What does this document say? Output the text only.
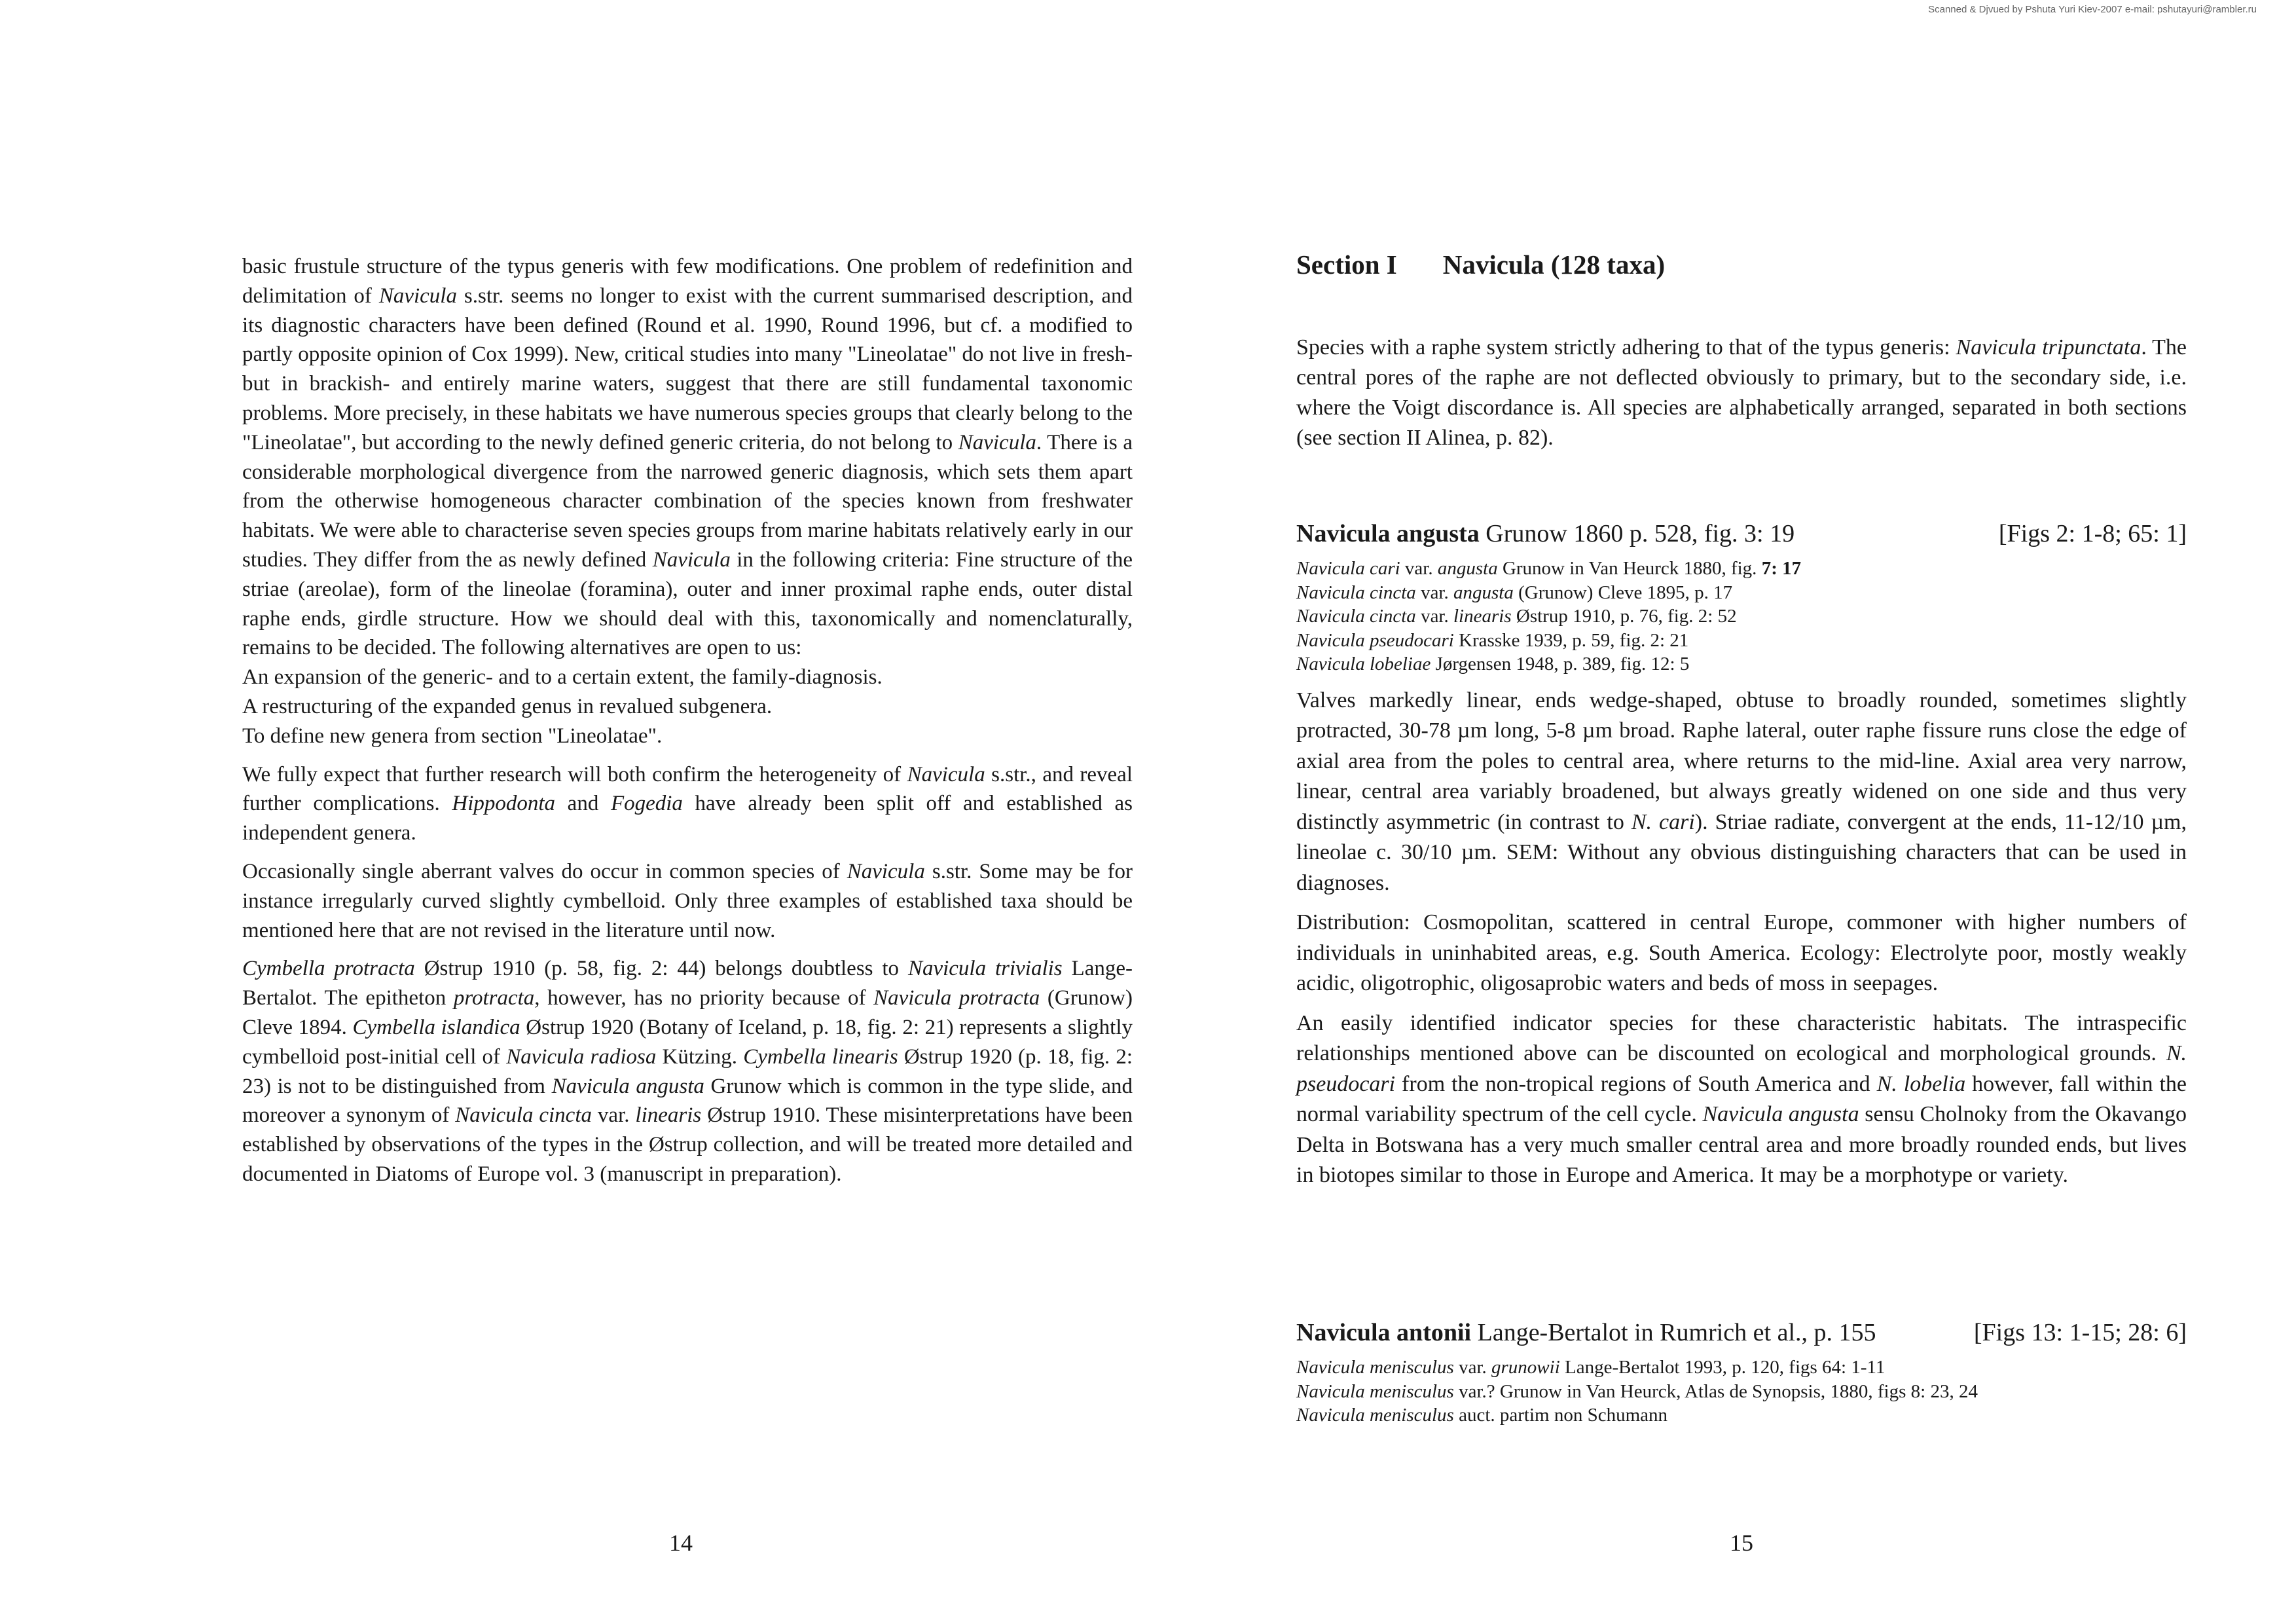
Scanned & Djvued by Pshuta Yuri Kiev-2007 e-mail: pshutayuri@rambler.ru

basic frustule structure of the typus generis with few modifications. One problem of redefinition and delimitation of Navicula s.str. seems no longer to exist with the current summarised description, and its diagnostic characters have been defined (Round et al. 1990, Round 1996, but cf. a modified to partly opposite opinion of Cox 1999). New, critical studies into many "Lineolatae" do not live in fresh- but in brackish- and entirely marine waters, suggest that there are still fundamental taxonomic problems. More precisely, in these habitats we have numerous species groups that clearly belong to the "Lineolatae", but according to the newly defined generic criteria, do not belong to Navicula. There is a considerable morphological divergence from the narrowed generic diagnosis, which sets them apart from the otherwise homogeneous character combination of the species known from freshwater habitats. We were able to characterise seven species groups from marine habitats relatively early in our studies. They differ from the as newly defined Navicula in the following criteria: Fine structure of the striae (areolae), form of the lineolae (foramina), outer and inner proximal raphe ends, outer distal raphe ends, girdle structure. How we should deal with this, taxonomically and nomenclaturally, remains to be decided. The following alternatives are open to us:

An expansion of the generic- and to a certain extent, the family-diagnosis.
A restructuring of the expanded genus in revalued subgenera.
To define new genera from section "Lineolatae".

We fully expect that further research will both confirm the heterogeneity of Navicula s.str., and reveal further complications. Hippodonta and Fogedia have already been split off and established as independent genera.

Occasionally single aberrant valves do occur in common species of Navicula s.str. Some may be for instance irregularly curved slightly cymbelloid. Only three examples of established taxa should be mentioned here that are not revised in the literature until now.

Cymbella protracta Østrup 1910 (p. 58, fig. 2: 44) belongs doubtless to Navicula trivialis Lange-Bertalot. The epitheton protracta, however, has no priority because of Navicula protracta (Grunow) Cleve 1894. Cymbella islandica Østrup 1920 (Botany of Iceland, p. 18, fig. 2: 21) represents a slightly cymbelloid post-initial cell of Navicula radiosa Kützing. Cymbella linearis Østrup 1920 (p. 18, fig. 2: 23) is not to be distinguished from Navicula angusta Grunow which is common in the type slide, and moreover a synonym of Navicula cincta var. linearis Østrup 1910. These misinterpretations have been established by observations of the types in the Østrup collection, and will be treated more detailed and documented in Diatoms of Europe vol. 3 (manuscript in preparation).

14
Section I Navicula (128 taxa)

Species with a raphe system strictly adhering to that of the typus generis: Navicula tripunctata. The central pores of the raphe are not deflected obviously to primary, but to the secondary side, i.e. where the Voigt discordance is. All species are alphabetically arranged, separated in both sections (see section II Alinea, p. 82).

Navicula angusta Grunow 1860 p. 528, fig. 3: 19	[Figs 2: 1-8; 65: 1]
Navicula cari var. angusta Grunow in Van Heurck 1880, fig. 7: 17
Navicula cincta var. angusta (Grunow) Cleve 1895, p. 17
Navicula cincta var. linearis Østrup 1910, p. 76, fig. 2: 52
Navicula pseudocari Krasske 1939, p. 59, fig. 2: 21
Navicula lobeliae Jørgensen 1948, p. 389, fig. 12: 5

Valves markedly linear, ends wedge-shaped, obtuse to broadly rounded, sometimes slightly protracted, 30-78 µm long, 5-8 µm broad. Raphe lateral, outer raphe fissure runs close the edge of axial area from the poles to central area, where returns to the mid-line. Axial area very narrow, linear, central area variably broadened, but always greatly widened on one side and thus very distinctly asymmetric (in contrast to N. cari). Striae radiate, convergent at the ends, 11-12/10 µm, lineolae c. 30/10 µm. SEM: Without any obvious distinguishing characters that can be used in diagnoses.

Distribution: Cosmopolitan, scattered in central Europe, commoner with higher numbers of individuals in uninhabited areas, e.g. South America. Ecology: Electrolyte poor, mostly weakly acidic, oligotrophic, oligosaprobic waters and beds of moss in seepages.

An easily identified indicator species for these characteristic habitats. The intraspecific relationships mentioned above can be discounted on ecological and morphological grounds. N. pseudocari from the non-tropical regions of South America and N. lobelia however, fall within the normal variability spectrum of the cell cycle. Navicula angusta sensu Cholnoky from the Okavango Delta in Botswana has a very much smaller central area and more broadly rounded ends, but lives in biotopes similar to those in Europe and America. It may be a morphotype or variety.

Navicula antonii Lange-Bertalot in Rumrich et al., p. 155	[Figs 13: 1-15; 28: 6]
Navicula menisculus var. grunowii Lange-Bertalot 1993, p. 120, figs 64: 1-11
Navicula menisculus var.? Grunow in Van Heurck, Atlas de Synopsis, 1880, figs 8: 23, 24
Navicula menisculus auct. partim non Schumann
15
